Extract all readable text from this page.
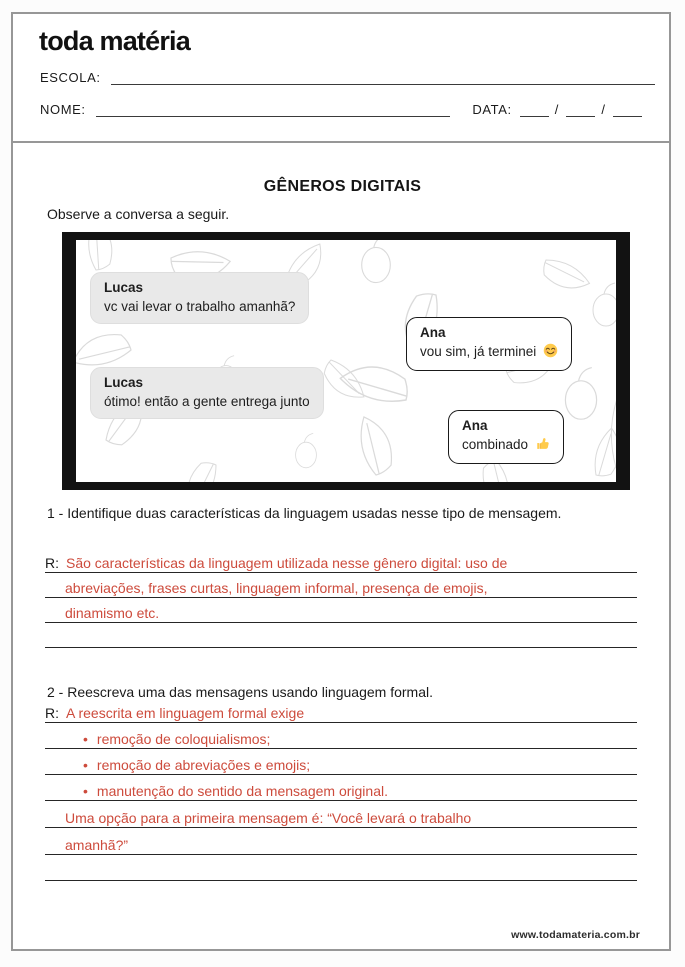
toda matéria
ESCOLA:
NOME:	DATA:	/	/
GÊNEROS DIGITAIS
Observe a conversa a seguir.
Lucas
vc vai levar o trabalho amanhã?
Ana
vou sim, já terminei
Lucas
ótimo! então a gente entrega junto
Ana
combinado
1 - Identifique duas características da linguagem usadas nesse tipo de mensagem.
R: São características da linguagem utilizada nesse gênero digital: uso de
abreviações, frases curtas, linguagem informal, presença de emojis,
dinamismo etc.
2 - Reescreva uma das mensagens usando linguagem formal.
R: A reescrita em linguagem formal exige
• remoção de coloquialismos;
• remoção de abreviações e emojis;
• manutenção do sentido da mensagem original.
Uma opção para a primeira mensagem é: “Você levará o trabalho
amanhã?”
www.todamateria.com.br
